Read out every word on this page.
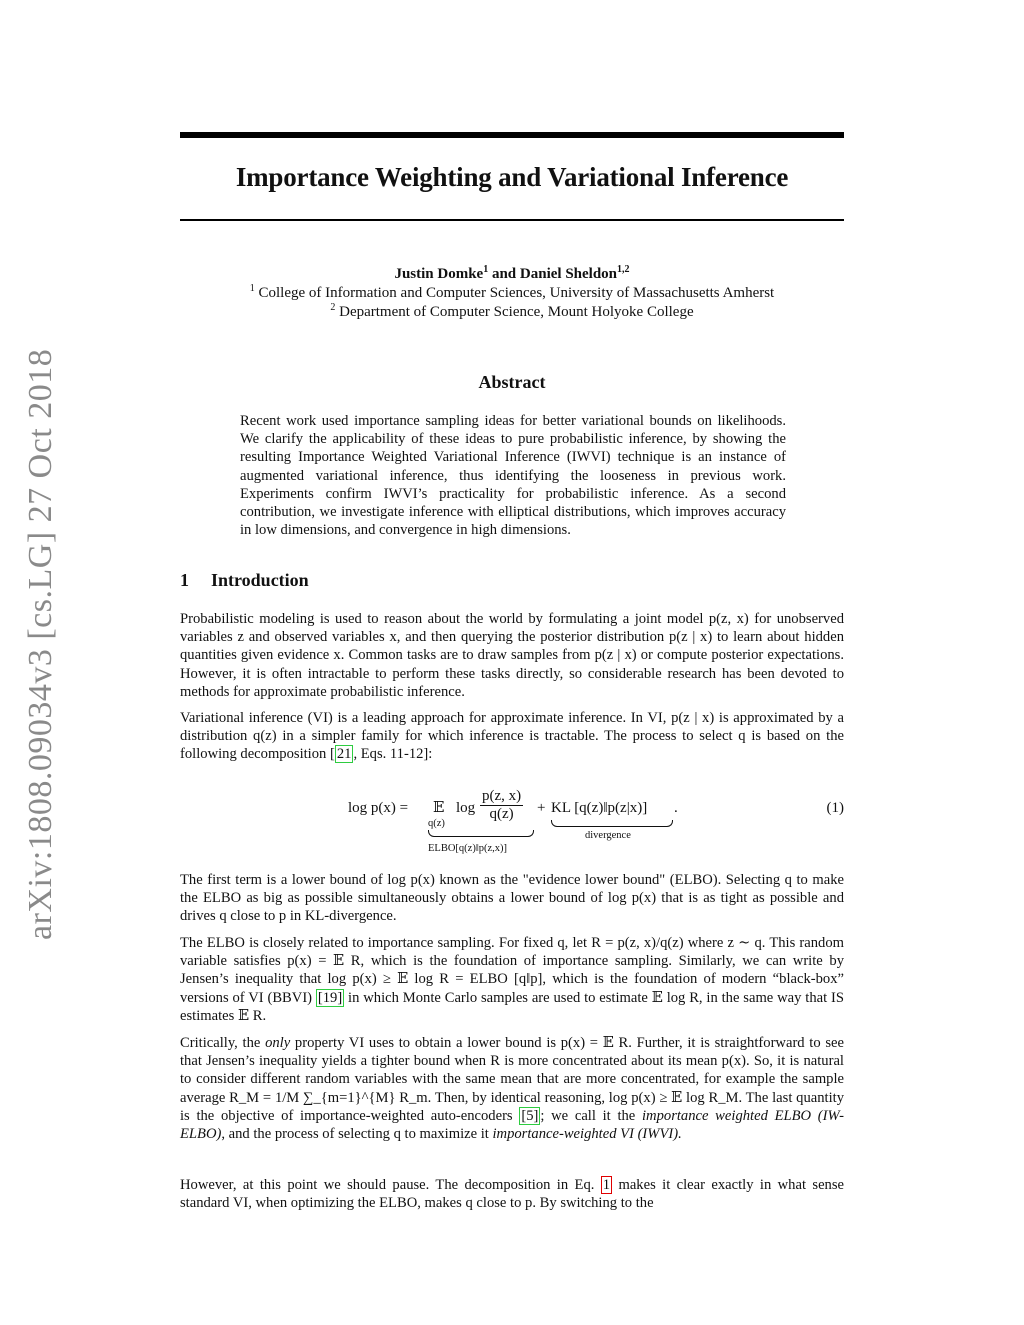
arXiv:1808.09034v3 [cs.LG] 27 Oct 2018
Importance Weighting and Variational Inference
Justin Domke$^1$ and Daniel Sheldon$^{1,2}$
$^1$ College of Information and Computer Sciences, University of Massachusetts Amherst
$^2$ Department of Computer Science, Mount Holyoke College
Abstract
Recent work used importance sampling ideas for better variational bounds on likelihoods. We clarify the applicability of these ideas to pure probabilistic inference, by showing the resulting Importance Weighted Variational Inference (IWVI) technique is an instance of augmented variational inference, thus identifying the looseness in previous work. Experiments confirm IWVI’s practicality for probabilistic inference. As a second contribution, we investigate inference with elliptical distributions, which improves accuracy in low dimensions, and convergence in high dimensions.
1 Introduction

Probabilistic modeling is used to reason about the world by formulating a joint model p(z, x) for unobserved variables z and observed variables x, and then querying the posterior distribution p(z | x) to learn about hidden quantities given evidence x. Common tasks are to draw samples from p(z | x) or compute posterior expectations. However, it is often intractable to perform these tasks directly, so considerable research has been devoted to methods for approximate probabilistic inference.

Variational inference (VI) is a leading approach for approximate inference. In VI, p(z | x) is approximated by a distribution q(z) in a simpler family for which inference is tractable. The process to select q is based on the following decomposition [ 21 , Eqs. 11-12]:

log p(x) = 𝔼
q(z)
$\log \frac{p(z, x)}{q(z)}$ + KL [q(z)‖p(z|x)] .
ELBO[q(z)‖p(z,x)]
divergence
(1)

The first term is a lower bound of log p(x) known as the "evidence lower bound" (ELBO). Selecting q to make the ELBO as big as possible simultaneously obtains a lower bound of log p(x) that is as tight as possible and drives q close to p in KL-divergence.

The ELBO is closely related to importance sampling. For fixed q, let R = p(z, x)/q(z) where z ∼ q. This random variable satisfies p(x) = 𝔼 R, which is the foundation of importance sampling. Similarly, we can write by Jensen’s inequality that log p(x) ≥ 𝔼 log R = ELBO [q‖p], which is the foundation of modern “black-box” versions of VI (BBVI) [19] in which Monte Carlo samples are used to estimate 𝔼 log R, in the same way that IS estimates 𝔼 R.

Critically, the only property VI uses to obtain a lower bound is p(x) = 𝔼 R. Further, it is straightforward to see that Jensen’s inequality yields a tighter bound when R is more concentrated about its mean p(x). So, it is natural to consider different random variables with the same mean that are more concentrated, for example the sample average R_M = 1/M ∑_{m=1}^{M} R_m. Then, by identical reasoning, log p(x) ≥ 𝔼 log R_M. The last quantity is the objective of importance-weighted auto-encoders [5] ; we call it the importance weighted ELBO (IW-ELBO), and the process of selecting q to maximize it importance-weighted VI (IWVI).

However, at this point we should pause. The decomposition in Eq. 1 makes it clear exactly in what sense standard VI, when optimizing the ELBO, makes q close to p. By switching to the
